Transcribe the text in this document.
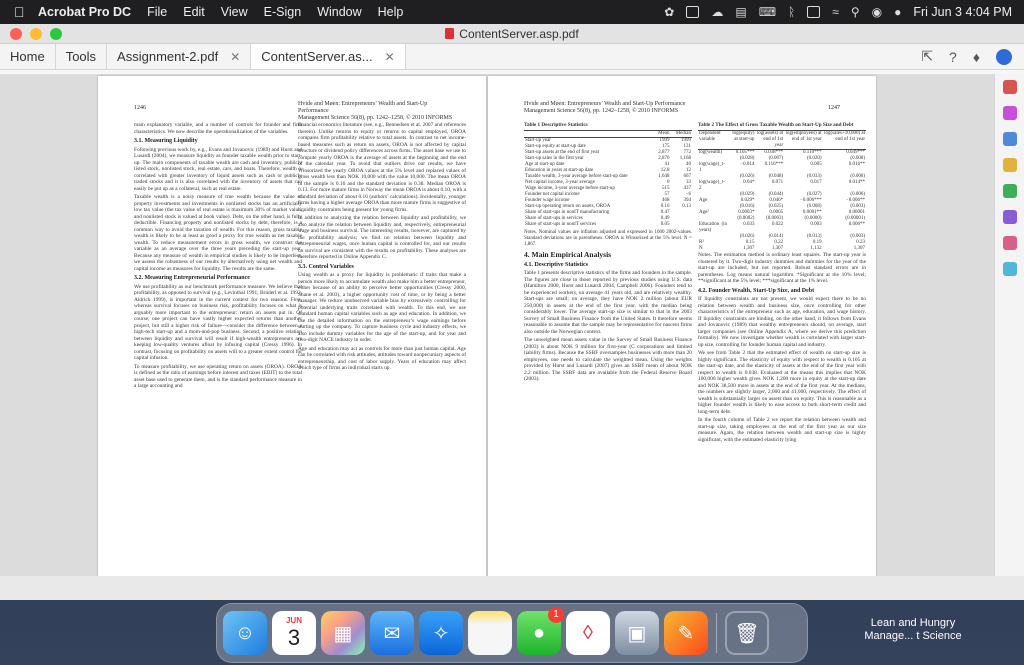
Acrobat Pro DC File Edit View E-Sign Window Help	✿	☁ ▤ ⌨ ᚱ	≈ ⚲ ◉ ● Fri Jun 3 4:04 PM
ContentServer.asp.pdf
Home Tools Assignment-2.pdf ✕ ContentServer.as... ✕	⇱ ? ♦
1246
Hvide and Møen: Entrepreneurs’ Wealth and Start-Up Performance
Management Science 56(8), pp. 1242–1258, © 2010 INFORMS

main explanatory variable, and a number of controls for founder and firm characteristics. We now describe the operationalization of the variables.

3.1. Measuring Liquidity

Following previous work by, e.g., Evans and Jovanovic (1989) and Hurst and Lusardi (2004), we measure liquidity as founder taxable wealth prior to start-up. The main components of taxable wealth are cash and inventory, publicly listed stock, nonlisted stock, real estate, cars, and boats. Therefore, wealth is correlated with greater inventory of liquid assets such as cash or publicly traded stocks and it is also correlated with the inventory of assets that can easily be put up as a collateral, such as real estate.

Taxable wealth is a noisy measure of true wealth because the value of property investments and investments in nonlisted stocks has an artificially low tax value (the tax value of real estate is maximum 30% of market value, and nonlisted stock is valued at book value). Debt, on the other hand, is fully deductible. Financing property and nonlisted stocks by debt, therefore, is a common way to avoid the taxation of wealth. For this reason, gross taxable wealth is likely to be at least as good a proxy for true wealth as net taxable wealth. To reduce measurement errors in gross wealth, we construct the variable as an average over the three years preceding the start-up year. Because any measure of wealth in empirical studies is likely to be imperfect, we assess the robustness of our results by alternatively using net wealth and capital income as measures for liquidity. The results are the same.

3.2. Measuring Entrepreneurial Performance

We use profitability as our benchmark performance measure. We believe that profitability, as opposed to survival (e.g., Levinthal 1991, Brüderl et al. 1992, Aldrich 1999), is important in the current context for two reasons. First, whereas survival focuses on business risk, profitability focuses on what is arguably more important to the entrepreneur: return on assets put in. Of course, one project can have vastly higher expected returns than another project, but still a higher risk of failure—consider the difference between a high-tech start-up and a mom-and-pop business. Second, a positive relation between liquidity and survival will result if high-wealth entrepreneurs are keeping low-quality ventures afloat by infusing capital (Cressy 1996). In contrast, focusing on profitability on assets will to a greater extent control for capital infusion.

To measure profitability, we use operating return on assets (OROA). OROA is defined as the ratio of earnings before interest and taxes (EBIT) to the total asset base used to generate them, and is the standard performance measure in a large accounting and

financial economics literature (see, e.g., Bennedsen et al. 2007 and references therein). Unlike returns to equity or returns to capital employed, OROA compares firm profitability relative to total assets. In contrast to net income-based measures such as return on assets, OROA is not affected by capital structure or dividend policy differences across firms. The asset base we use to compute yearly OROA is the average of assets at the beginning and the end of the calendar year. To avoid that outliers drive our results, we have Winsorized the yearly OROA values at the 5% level and replaced values of gross wealth less than NOK 10,000 with the value 10,000. The mean OROA in the sample is 0.16 and the standard deviation is 0.38. Median OROA is 0.13. For more mature firms in Norway the mean OROA is about 0.10, with a standard deviation of about 0.16 (authors’ calculations). Incidentally, younger firms having a higher average OROA than more mature firms is suggestive of liquidity constraints being present for young firms.

In addition to analyzing the relation between liquidity and profitability, we also analyze the relation between liquidity and, respectively, entrepreneurial wage and business survival. The interesting results, however, are captured by the profitability analysis; we find no relation between liquidity and entrepreneurial wages, once human capital is controlled for, and our results on survival are consistent with the results on profitability. These analyses are therefore reported in Online Appendix C.

3.3. Control Variables

Using wealth as a proxy for liquidity is problematic if traits that make a person more likely to accumulate wealth also make him a better entrepreneur, either because of an ability to perceive better opportunities (Cressy 2000, Shane et al. 2003), a higher opportunity cost of time, or by being a better manager. We reduce unobserved variable bias by extensively controlling for potential underlying traits correlated with wealth. To this end, we use standard human capital variables such as age and education. In addition, we use the detailed information on the entrepreneur’s wage earnings before starting up the company. To capture business cycle and industry effects, we also include dummy variables for the age of the start-up, and for year and two-digit NACE industry in order.

Age and education may act as controls for more than just human capital. Age can be correlated with risk attitudes, attitudes toward nonpecuniary aspects of entrepreneurship, and cost of labor supply. Years of education may affect which type of firms an individual starts up.

Hvide and Møen: Entrepreneurs’ Wealth and Start-Up Performance
Management Science 56(8), pp. 1242–1258, © 2010 INFORMS	1247
Table 1 Descriptive Statistics
	Mean	Median
Start-up year	1999	1999
Start-up equity at start-up date	175	131
Start-up assets at the end of first year	2,877	772
Start-up sales in the first year	2,876	1,168
Age at start-up date	41	40
Education in years at start-up date	12.8	12
Taxable wealth, 3-year average before start-up date	1,648	667
Net capital income, 3-year average	0	33
Wage income, 3-year average before start-up	515	437
Founder net capital income	57	−6
Founder wage income	468	394
Start-up operating return on assets, OROA	0.16	0.13
Share of start-ups in nonIT manufacturing	0.47	
Share of start-ups in services	0.49	
Share of start-ups in nonIT services	0.05	

Notes. Nominal values are inflation adjusted and expressed in 1000 2002-values. Standard deviations are in parentheses. OROA is Winsorized at the 5% level. N = 1,867.

4. Main Empirical Analysis
4.1. Descriptive Statistics

Table 1 presents descriptive statistics of the firms and founders in the sample. The figures are close to those reported by previous studies using U.S. data (Hamilton 2000, Hurst and Lusardi 2004, Campbell 2006). Founders tend to be experienced workers, on average 41 years old, and are relatively wealthy. Start-ups are small; on average, they have NOK 2 million (about EUR 250,000) in assets at the end of the first year, with the median being considerably lower. The average start-up size is similar to that in the 2003 Survey of Small Business Finance from the United States. It therefore seems reasonable to assume that the sample may be representative for nascent firms also outside the Norwegian context.

The unweighted mean assets value in the Survey of Small Business Finance (2003) is about NOK 9 million for first-year (C corporations and limited liability firms). Because the SSBF oversamples businesses with more than 20 employees, one needs to calculate the weighted mean. Using the weights provided by Hurst and Lusardi (2007) gives an SSBF mean of about NOK 2.2 million. The SSBF data are available from the Federal Reserve Board (2003).

Table 2 The Effect of Gross Taxable Wealth on Start-Up Size and Debt
Dependent variable	log(equity) at start-up	log(assets) at end of 1st year	log(employees) at end of 1st year	log(sales+10,000) at end of 1st year
log(wealth)	0.105***	0.038***	0.110***	0.049***
	(0.028)	(0.007)	(0.020)	(0.008)
log(wage)_t-1	−0.014	0.116***	0.005	0.016**
	(0.026)	(0.048)	(0.033)	(0.008)
log(wage)_t-2	0.04*	0.071	0.017	0.014**
	(0.029)	(0.044)	(0.027)	(0.006)
Age	0.029*	0.046*	−0.006***	−0.006**
	(0.016)	(0.025)	(0.008)	(0.003)
Age²	0.0003*	0.0005	0.0001**	0.00001
	(0.0002)	(0.0003)	(0.0000)	(0.00001)
Education (in years)	0.033	0.022	0.003	0.006**
	(0.026)	(0.014)	(0.013)	(0.003)
R²	0.15	0.22	0.19	0.23
N	1,307	1,307	1,132	1,307

Notes. The estimation method is ordinary least squares. The start-up year is clustered by it. Two-digit industry dummies and dummies for the year of the start-up are included, but not reported. Robust standard errors are in parentheses. Log means natural logarithm. *Significant at the 10% level; **significant at the 5% level; ***significant at the 1% level.

4.2. Founder Wealth, Start-Up Size, and Debt

If liquidity constraints are not present, we would expect there to be no relation between wealth and business size, once controlling for other characteristics of the entrepreneur such as age, education, and wage history. If liquidity constraints are binding, on the other hand, it follows from Evans and Jovanovic (1989) that wealthy entrepreneurs should, on average, start larger companies (see Online Appendix A, where we derive this prediction formally). We now investigate whether wealth is correlated with larger start-up size, controlling for founder human capital and industry.

We see from Table 2 that the estimated effect of wealth on start-up size is highly significant. The elasticity of equity with respect to wealth is 0.105 at the start-up date, and the elasticity of assets at the end of the first year with respect to wealth is 0.038. Evaluated at the means this implies that NOK 100,000 higher wealth gives NOK 1,200 more in equity at the start-up date and NOK 38,500 more in assets at the end of the first year. At the medians, the numbers are slightly larger, 2,000 and 41,000, respectively. The effect of wealth is substantially larger on assets than on equity. This is reasonable as a higher founder wealth is likely to ease access to both short-term credit and long-term debt.

In the fourth column of Table 2 we report the relation between wealth and start-up size, taking employees at the end of the first year as our size measure. Again, the relation between wealth and start-up size is highly significant, with the estimated elasticity lying

☺
JUN
3	▦	✉	✧	●
1
◊	▣	✎	🗑	Lean and Hungry
Manage... t Science
